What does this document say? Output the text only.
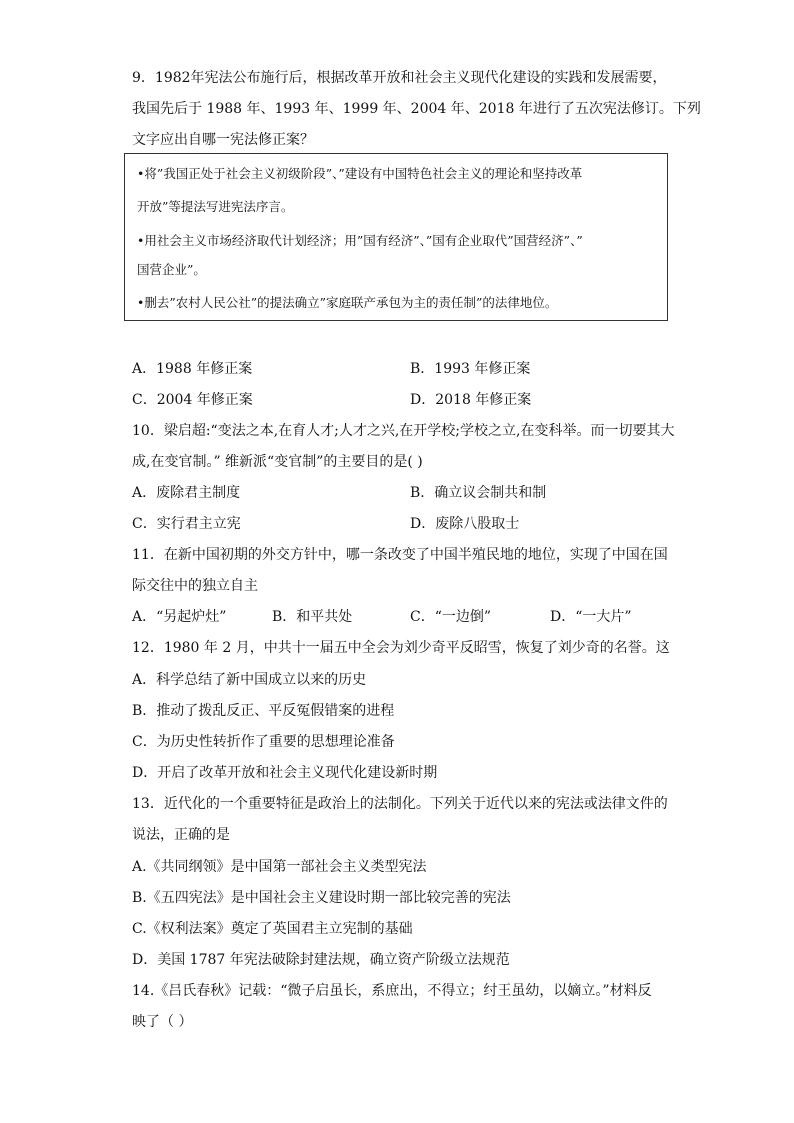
9．1982年宪法公布施行后，根据改革开放和社会主义现代化建设的实践和发展需要，
我国先后于 1988 年、1993 年、1999 年、2004 年、2018 年进行了五次宪法修订。下列
文字应出自哪一宪法修正案？
•将”我国正处于社会主义初级阶段”、”建设有中国特色社会主义的理论和坚持改革
开放”等提法写进宪法序言。
•用社会主义市场经济取代计划经济；用”国有经济”、”国有企业取代”国营经济”、”
国营企业”。
•删去”农村人民公社”的提法确立”家庭联产承包为主的责任制”的法律地位。
A．1988 年修正案	B．1993 年修正案
C．2004 年修正案	D．2018 年修正案
10．梁启超:“变法之本,在育人才;人才之兴,在开学校;学校之立,在变科举。而一切要其大
成,在变官制。” 维新派“变官制”的主要目的是( )
A．废除君主制度	B．确立议会制共和制
C．实行君主立宪	D．废除八股取士
11．在新中国初期的外交方针中，哪一条改变了中国半殖民地的地位，实现了中国在国
际交往中的独立自主
A．“另起炉灶”	B．和平共处	C．“一边倒”	D．“一大片”
12．1980 年 2 月，中共十一届五中全会为刘少奇平反昭雪，恢复了刘少奇的名誉。这
A．科学总结了新中国成立以来的历史
B．推动了拨乱反正、平反冤假错案的进程
C．为历史性转折作了重要的思想理论准备
D．开启了改革开放和社会主义现代化建设新时期
13．近代化的一个重要特征是政治上的法制化。下列关于近代以来的宪法或法律文件的
说法，正确的是
A.《共同纲领》是中国第一部社会主义类型宪法
B.《五四宪法》是中国社会主义建设时期一部比较完善的宪法
C.《权利法案》奠定了英国君主立宪制的基础
D．美国 1787 年宪法破除封建法规，确立资产阶级立法规范
14.《吕氏春秋》记载：“微子启虽长，系庶出，不得立；纣王虽幼，以嫡立。”材料反
映了（ ）
